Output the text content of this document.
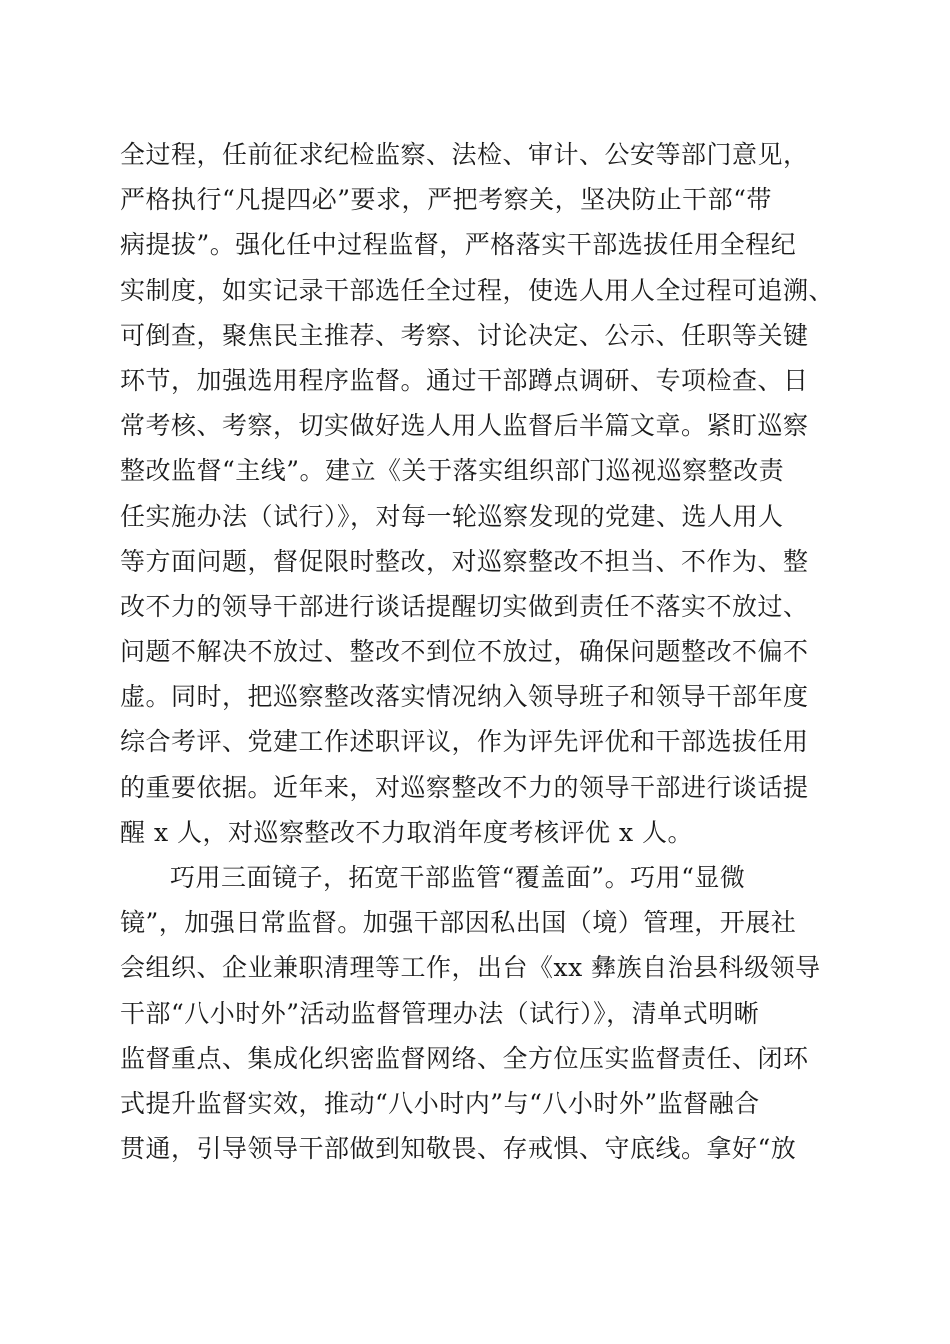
全过程，任前征求纪检监察、法检、审计、公安等部门意见，
严格执行“凡提四必”要求，严把考察关，坚决防止干部“带
病提拔”。强化任中过程监督，严格落实干部选拔任用全程纪
实制度，如实记录干部选任全过程，使选人用人全过程可追溯、
可倒查，聚焦民主推荐、考察、讨论决定、公示、任职等关键
环节，加强选用程序监督。通过干部蹲点调研、专项检查、日
常考核、考察，切实做好选人用人监督后半篇文章。紧盯巡察
整改监督“主线”。建立《关于落实组织部门巡视巡察整改责
任实施办法（试行）》，对每一轮巡察发现的党建、选人用人
等方面问题，督促限时整改，对巡察整改不担当、不作为、整
改不力的领导干部进行谈话提醒切实做到责任不落实不放过、
问题不解决不放过、整改不到位不放过，确保问题整改不偏不
虚。同时，把巡察整改落实情况纳入领导班子和领导干部年度
综合考评、党建工作述职评议，作为评先评优和干部选拔任用
的重要依据。近年来，对巡察整改不力的领导干部进行谈话提
醒 x 人，对巡察整改不力取消年度考核评优 x 人。
巧用三面镜子，拓宽干部监管“覆盖面”。巧用“显微
镜”，加强日常监督。加强干部因私出国（境）管理，开展社
会组织、企业兼职清理等工作，出台《xx 彝族自治县科级领导
干部“八小时外”活动监督管理办法（试行）》，清单式明晰
监督重点、集成化织密监督网络、全方位压实监督责任、闭环
式提升监督实效，推动“八小时内”与“八小时外”监督融合
贯通，引导领导干部做到知敬畏、存戒惧、守底线。拿好“放
